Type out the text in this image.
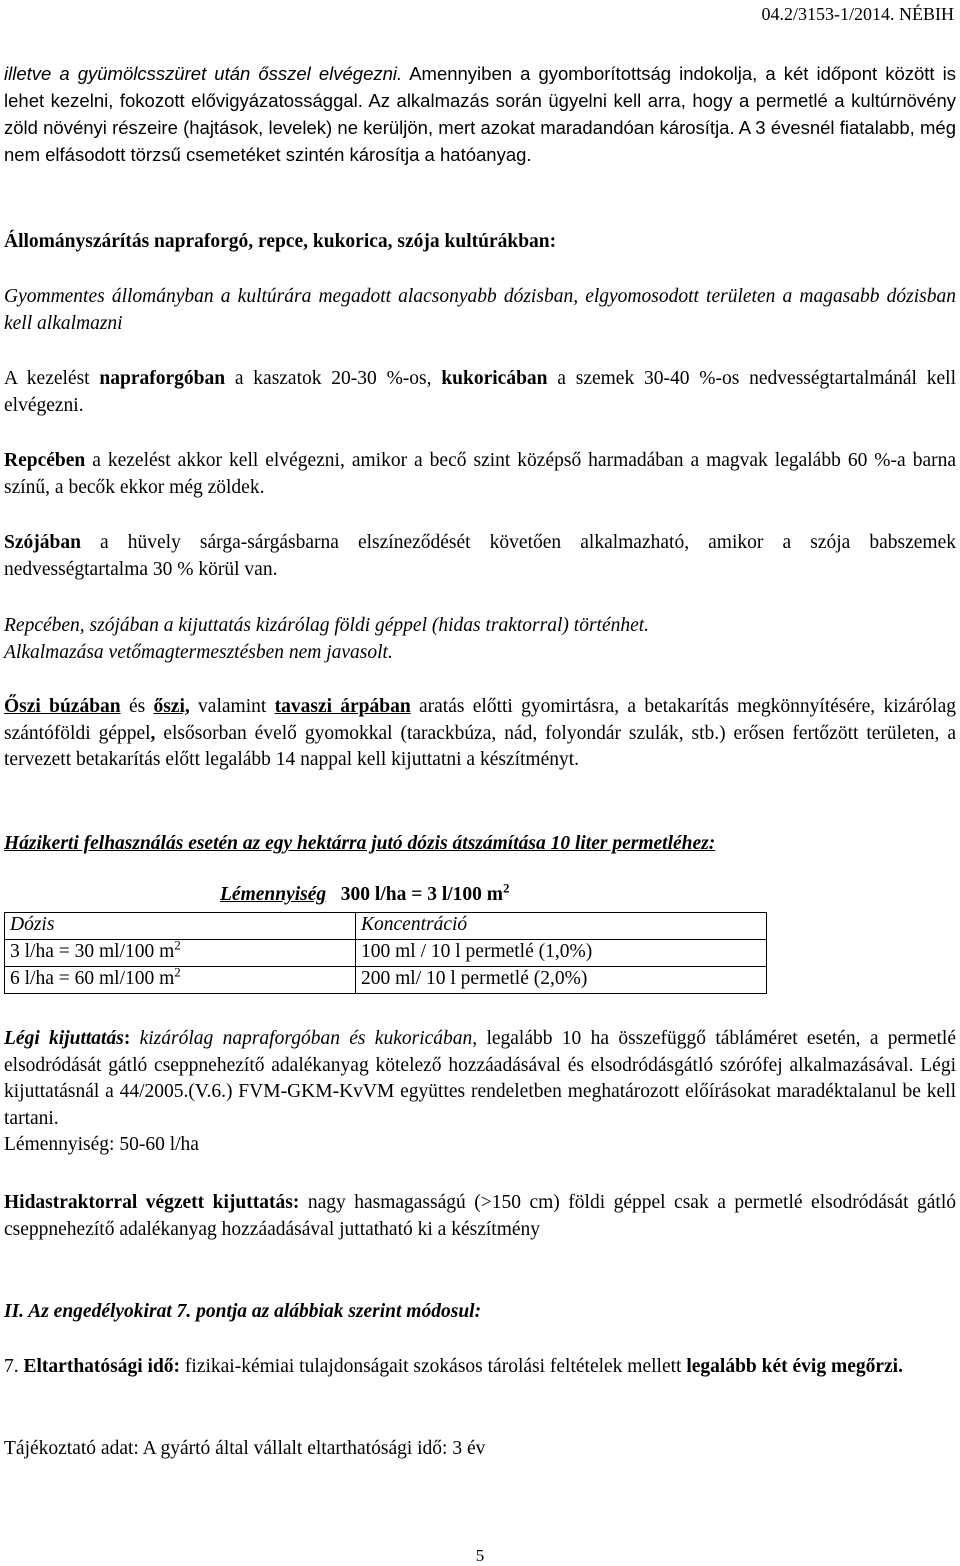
04.2/3153-1/2014. NÉBIH

illetve a gyümölcsszüret után ősszel elvégezni. Amennyiben a gyomborítottság indokolja, a két időpont között is lehet kezelni, fokozott elővigyázatossággal. Az alkalmazás során ügyelni kell arra, hogy a permetlé a kultúrnövény zöld növényi részeire (hajtások, levelek) ne kerüljön, mert azokat maradandóan károsítja. A 3 évesnél fiatalabb, még nem elfásodott törzsű csemetéket szintén károsítja a hatóanyag.

Állományszárítás napraforgó, repce, kukorica, szója kultúrákban:

Gyommentes állományban a kultúrára megadott alacsonyabb dózisban, elgyomosodott területen a magasabb dózisban kell alkalmazni

A kezelést napraforgóban a kaszatok 20-30 %-os, kukoricában a szemek 30-40 %-os nedvességtartalmánál kell elvégezni.

Repcében a kezelést akkor kell elvégezni, amikor a becő szint középső harmadában a magvak legalább 60 %-a barna színű, a becők ekkor még zöldek.

Szójában a hüvely sárga-sárgásbarna elszíneződését követően alkalmazható, amikor a szója babszemek nedvességtartalma 30 % körül van.

Repcében, szójában a kijuttatás kizárólag földi géppel (hidas traktorral) történhet.
Alkalmazása vetőmagtermesztésben nem javasolt.

Őszi búzában és őszi, valamint tavaszi árpában aratás előtti gyomirtásra, a betakarítás megkönnyítésére, kizárólag szántóföldi géppel, elsősorban évelő gyomokkal (tarackbúza, nád, folyondár szulák, stb.) erősen fertőzött területen, a tervezett betakarítás előtt legalább 14 nappal kell kijuttatni a készítményt.

Házikerti felhasználás esetén az egy hektárra jutó dózis átszámítása 10 liter permetléhez:

Lémennyiség 300 l/ha = 3 l/100 $m^2$
Dózis	Koncentráció
3 l/ha = 30 ml/100 $m^2$	100 ml / 10 l permetlé (1,0%)
6 l/ha = 60 ml/100 $m^2$	200 ml/ 10 l permetlé (2,0%)

Légi kijuttatás: kizárólag napraforgóban és kukoricában, legalább 10 ha összefüggő tábláméret esetén, a permetlé elsodródását gátló cseppnehezítő adalékanyag kötelező hozzáadásával és elsodródásgátló szórófej alkalmazásával. Légi kijuttatásnál a 44/2005.(V.6.) FVM-GKM-KvVM együttes rendeletben meghatározott előírásokat maradéktalanul be kell tartani.

Lémennyiség: 50-60 l/ha

Hidastraktorral végzett kijuttatás: nagy hasmagasságú (>150 cm) földi géppel csak a permetlé elsodródását gátló cseppnehezítő adalékanyag hozzáadásával juttatható ki a készítmény

II. Az engedélyokirat 7. pontja az alábbiak szerint módosul:

7. Eltarthatósági idő: fizikai-kémiai tulajdonságait szokásos tárolási feltételek mellett legalább két évig megőrzi.

Tájékoztató adat: A gyártó által vállalt eltarthatósági idő: 3 év

5
